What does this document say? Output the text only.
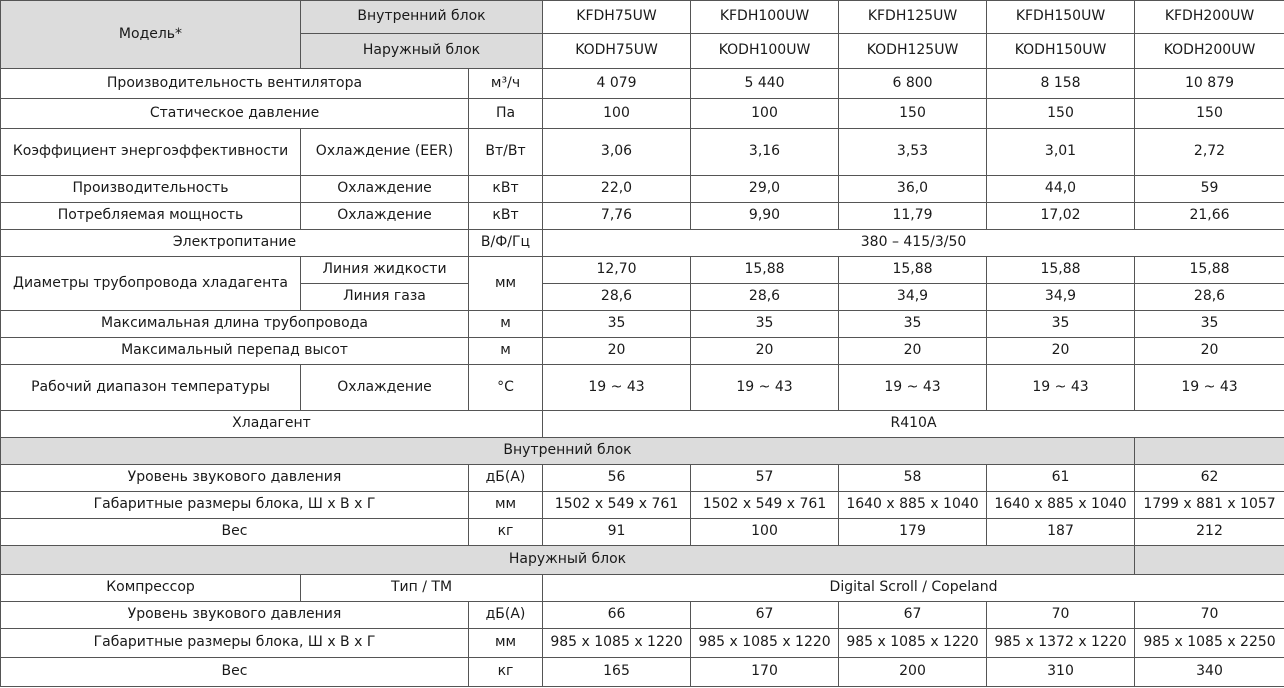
Модель*	Внутренний блок		KFDH75UW	KFDH100UW	KFDH125UW	KFDH150UW	KFDH200UW
	Наружный блок		KODH75UW	KODH100UW	KODH125UW	KODH150UW	KODH200UW
Производительность вентилятора		м³/ч	4 079	5 440	6 800	8 158	10 879
Статическое давление		Па	100	100	150	150	150
Коэффициент энергоэффективности	Охлаждение (EER)	Вт/Вт	3,06	3,16	3,53	3,01	2,72
Производительность	Охлаждение	кВт	22,0	29,0	36,0	44,0	59
Потребляемая мощность	Охлаждение	кВт	7,76	9,90	11,79	17,02	21,66
Электропитание		В/Ф/Гц	380 – 415/3/50				
Диаметры трубопровода хладагента	Линия жидкости	мм	12,70	15,88	15,88	15,88	15,88
	Линия газа		28,6	28,6	34,9	34,9	28,6
Максимальная длина трубопровода		м	35	35	35	35	35
Максимальный перепад высот		м	20	20	20	20	20
Рабочий диапазон температуры	Охлаждение	°C	19 ~ 43	19 ~ 43	19 ~ 43	19 ~ 43	19 ~ 43
Хладагент			R410A				
Внутренний блок							
Уровень звукового давления		дБ(А)	56	57	58	61	62
Габаритные размеры блока, Ш х В х Г		мм	1502 x 549 x 761	1502 x 549 x 761	1640 x 885 x 1040	1640 x 885 x 1040	1799 x 881 x 1057
Вес		кг	91	100	179	187	212
Наружный блок							
Компрессор	Тип / ТМ		Digital Scroll / Copeland				
Уровень звукового давления		дБ(А)	66	67	67	70	70
Габаритные размеры блока, Ш х В х Г		мм	985 x 1085 x 1220	985 x 1085 x 1220	985 x 1085 x 1220	985 x 1372 x 1220	985 x 1085 x 2250
Вес		кг	165	170	200	310	340
